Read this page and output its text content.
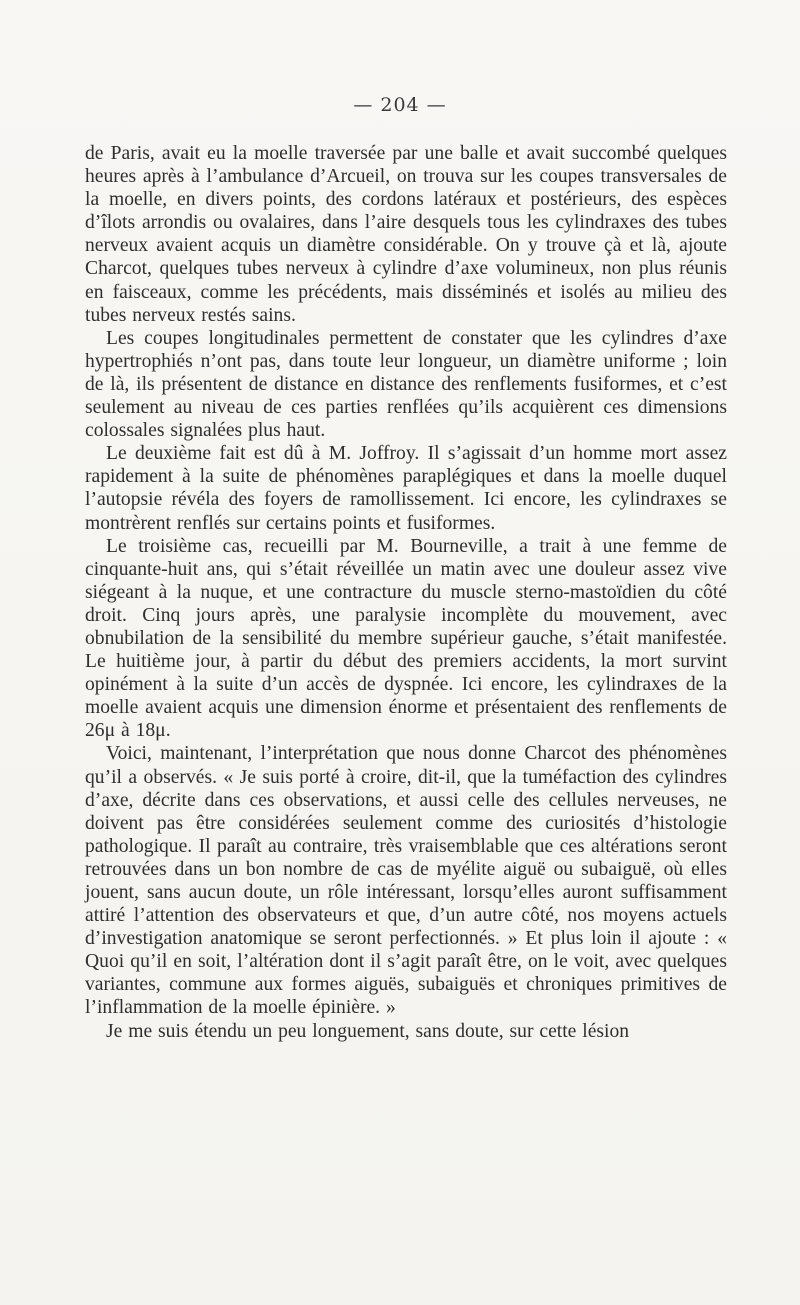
— 204 —

de Paris, avait eu la moelle traversée par une balle et avait succombé quelques heures après à l’ambulance d’Arcueil, on trouva sur les coupes transversales de la moelle, en divers points, des cordons latéraux et postérieurs, des espèces d’îlots arrondis ou ovalaires, dans l’aire desquels tous les cylindraxes des tubes nerveux avaient acquis un diamètre considérable. On y trouve çà et là, ajoute Charcot, quelques tubes nerveux à cylindre d’axe volumineux, non plus réunis en faisceaux, comme les précédents, mais disséminés et isolés au milieu des tubes nerveux restés sains.

Les coupes longitudinales permettent de constater que les cylindres d’axe hypertrophiés n’ont pas, dans toute leur longueur, un diamètre uniforme ; loin de là, ils présentent de distance en distance des renflements fusiformes, et c’est seulement au niveau de ces parties renflées qu’ils acquièrent ces dimensions colossales signalées plus haut.

Le deuxième fait est dû à M. Joffroy. Il s’agissait d’un homme mort assez rapidement à la suite de phénomènes paraplégiques et dans la moelle duquel l’autopsie révéla des foyers de ramollissement. Ici encore, les cylindraxes se montrèrent renflés sur certains points et fusiformes.

Le troisième cas, recueilli par M. Bourneville, a trait à une femme de cinquante-huit ans, qui s’était réveillée un matin avec une douleur assez vive siégeant à la nuque, et une contracture du muscle sterno-mastoïdien du côté droit. Cinq jours après, une paralysie incomplète du mouvement, avec obnubilation de la sensibilité du membre supérieur gauche, s’était manifestée. Le huitième jour, à partir du début des premiers accidents, la mort survint opinément à la suite d’un accès de dyspnée. Ici encore, les cylindraxes de la moelle avaient acquis une dimension énorme et présentaient des renflements de 26μ à 18μ.

Voici, maintenant, l’interprétation que nous donne Charcot des phénomènes qu’il a observés. « Je suis porté à croire, dit-il, que la tuméfaction des cylindres d’axe, décrite dans ces observations, et aussi celle des cellules nerveuses, ne doivent pas être considérées seulement comme des curiosités d’histologie pathologique. Il paraît au contraire, très vraisemblable que ces altérations seront retrouvées dans un bon nombre de cas de myélite aiguë ou subaiguë, où elles jouent, sans aucun doute, un rôle intéressant, lorsqu’elles auront suffisamment attiré l’attention des observateurs et que, d’un autre côté, nos moyens actuels d’investigation anatomique se seront perfectionnés. » Et plus loin il ajoute : « Quoi qu’il en soit, l’altération dont il s’agit paraît être, on le voit, avec quelques variantes, commune aux formes aiguës, subaiguës et chroniques primitives de l’inflammation de la moelle épinière. »

Je me suis étendu un peu longuement, sans doute, sur cette lésion
